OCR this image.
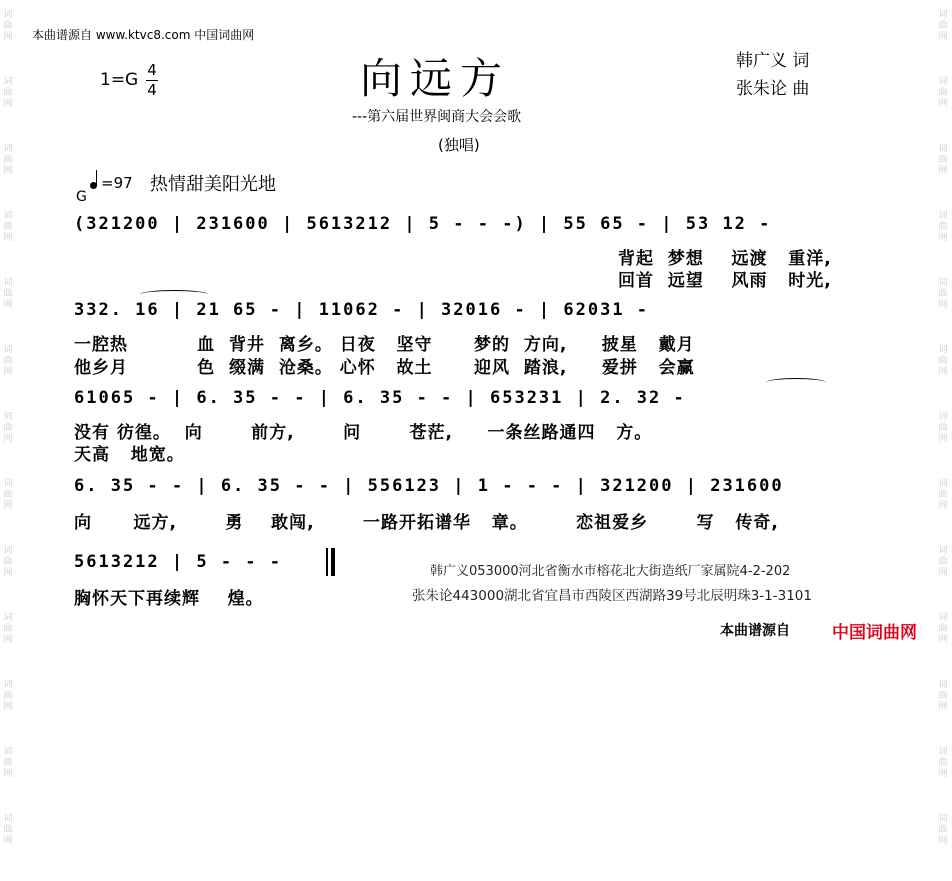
词曲网
词曲网
词曲网
词曲网
词曲网
词曲网
词曲网
词曲网
词曲网
词曲网
词曲网
词曲网
词曲网
词曲网
词曲网
词曲网
词曲网
词曲网
词曲网
词曲网
词曲网
词曲网
词曲网
词曲网
词曲网
词曲网
本曲谱源自 www.ktvc8.com 中国词曲网
1=G 4
4	向远方
---第六届世界闽商大会会歌
(独唱)
韩广义 词
张朱论 曲
G
=97 热情甜美阳光地
(321200 | 231600 | 5613212 | 5 - - -) | 55 65 - | 53 12 -
背起  梦想    远渡   重洋,
回首  远望    风雨   时光,
332. 16 | 21 65 - | 11062 - | 32016 - | 62031 -
一腔热          血  背井  离乡。 日夜   坚守      梦的  方向,     披星   戴月
他乡月          色  缀满  沧桑。 心怀   故土      迎风  踏浪,     爱拼   会赢
61065 - | 6. 35 - - | 6. 35 - - | 653231 | 2. 32 -
没有 彷徨。  向       前方,       问       苍茫,     一条丝路通四   方。
天高   地宽。
6. 35 - - | 6. 35 - - | 556123 | 1 - - - | 321200 | 231600
向      远方,       勇    敢闯,       一路开拓谱华   章。       恋祖爱乡       写   传奇,
5613212 | 5 - - -
胸怀天下再续辉    煌。
韩广义053000河北省衡水市榕花北大街造纸厂家属院4-2-202
张朱论443000湖北省宜昌市西陵区西湖路39号北辰明珠3-1-3101
本曲谱源自 中国词曲网
